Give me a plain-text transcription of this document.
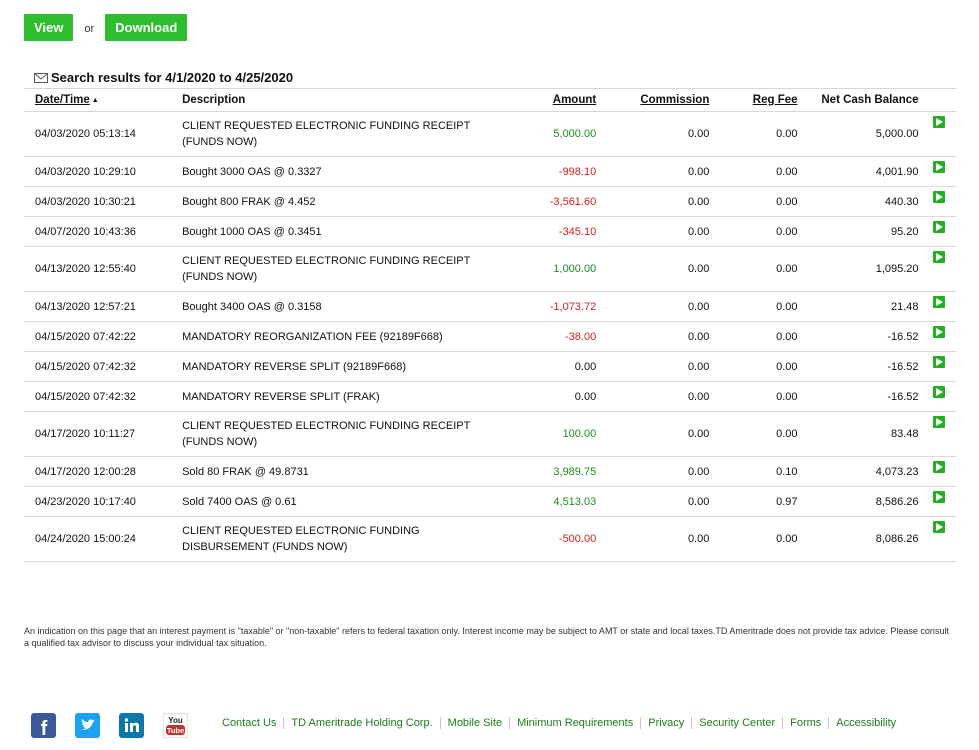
View	or	Download
Search results for 4/1/2020 to 4/25/2020
Date/Time ▲	Description	Amount	Commission	Reg Fee	Net Cash Balance	
04/03/2020 05:13:14	CLIENT REQUESTED ELECTRONIC FUNDING RECEIPT (FUNDS NOW)	5,000.00	0.00	0.00	5,000.00	

04/03/2020 10:29:10	Bought 3000 OAS @ 0.3327	-998.10	0.00	0.00	4,001.90	

04/03/2020 10:30:21	Bought 800 FRAK @ 4.452	-3,561.60	0.00	0.00	440.30	

04/07/2020 10:43:36	Bought 1000 OAS @ 0.3451	-345.10	0.00	0.00	95.20	

04/13/2020 12:55:40	CLIENT REQUESTED ELECTRONIC FUNDING RECEIPT (FUNDS NOW)	1,000.00	0.00	0.00	1,095.20	

04/13/2020 12:57:21	Bought 3400 OAS @ 0.3158	-1,073.72	0.00	0.00	21.48	

04/15/2020 07:42:22	MANDATORY REORGANIZATION FEE (92189F668)	-38.00	0.00	0.00	-16.52	

04/15/2020 07:42:32	MANDATORY REVERSE SPLIT (92189F668)	0.00	0.00	0.00	-16.52	

04/15/2020 07:42:32	MANDATORY REVERSE SPLIT (FRAK)	0.00	0.00	0.00	-16.52	

04/17/2020 10:11:27	CLIENT REQUESTED ELECTRONIC FUNDING RECEIPT (FUNDS NOW)	100.00	0.00	0.00	83.48	

04/17/2020 12:00:28	Sold 80 FRAK @ 49.8731	3,989.75	0.00	0.10	4,073.23	

04/23/2020 10:17:40	Sold 7400 OAS @ 0.61	4,513.03	0.00	0.97	8,586.26	

04/24/2020 15:00:24	CLIENT REQUESTED ELECTRONIC FUNDING DISBURSEMENT (FUNDS NOW)	-500.00	0.00	0.00	8,086.26	
An indication on this page that an interest payment is "taxable" or "non-taxable" refers to federal taxation only. Interest income may be subject to AMT or state and local taxes.TD Ameritrade does not provide tax advice. Please consult a qualified tax advisor to discuss your individual tax situation.
f	You
Tube
Contact Us	TD Ameritrade Holding Corp.	Mobile Site	Minimum Requirements	Privacy	Security Center	Forms	Accessibility
